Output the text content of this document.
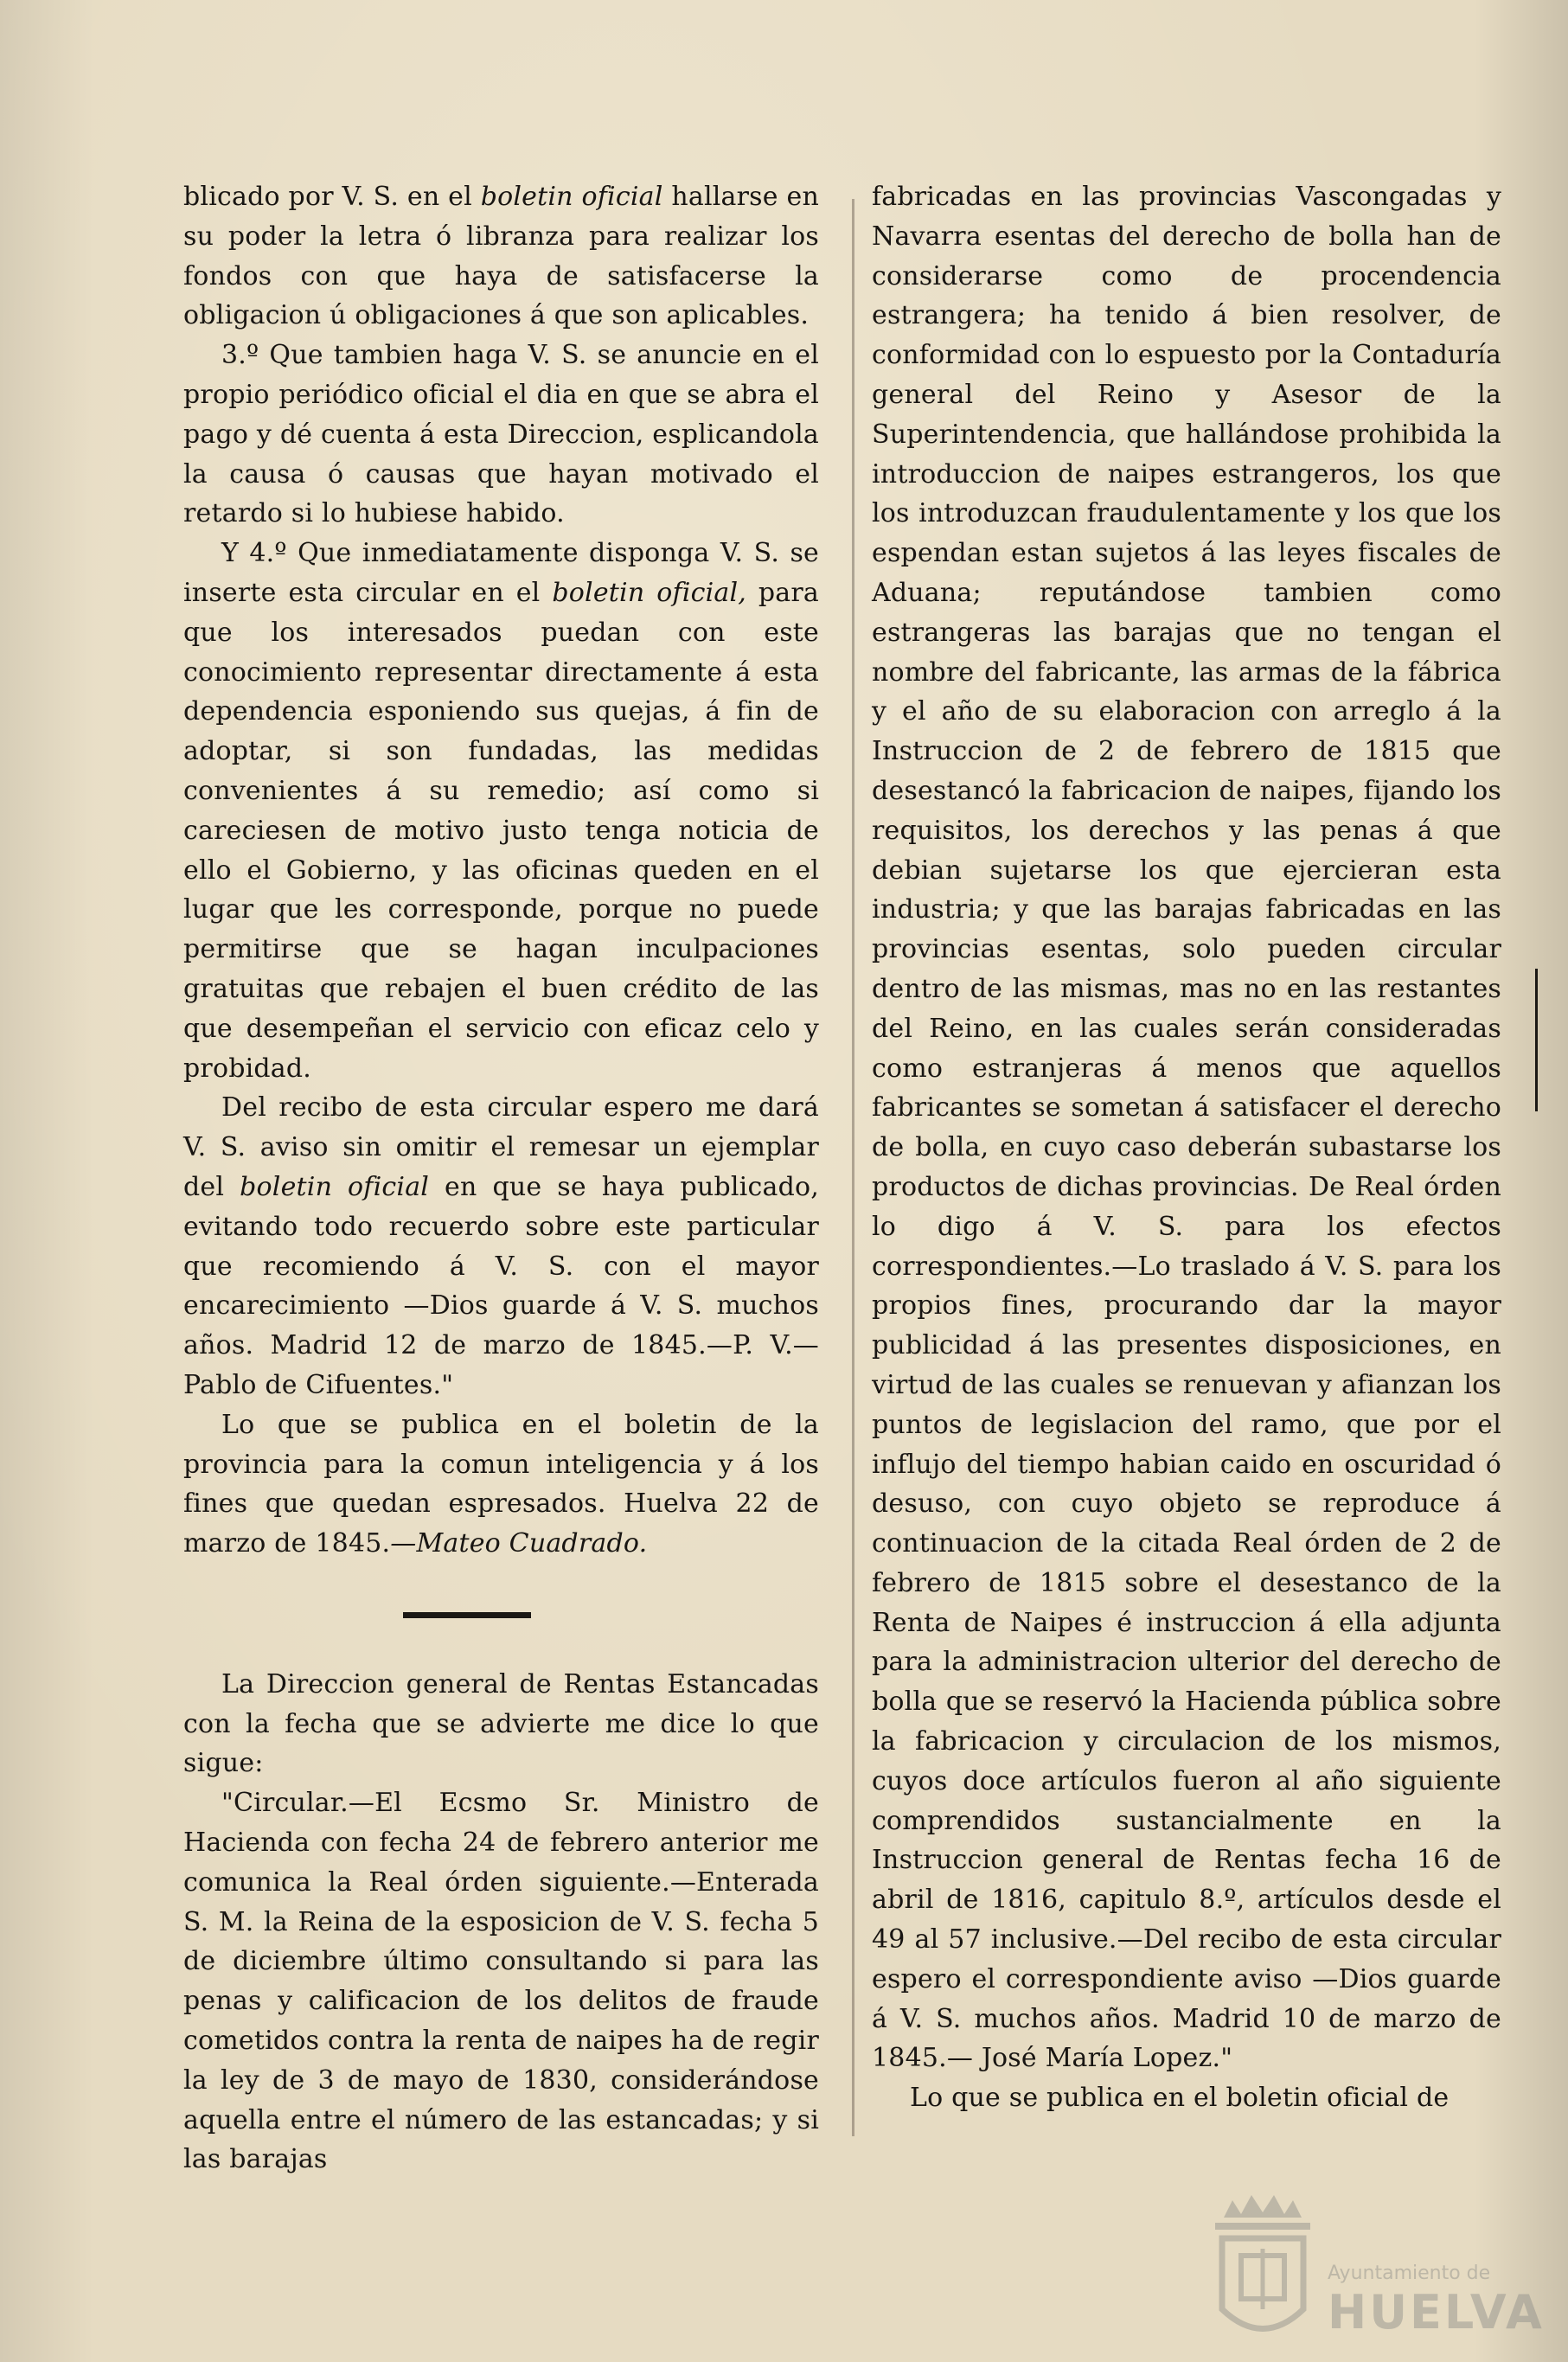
blicado por V. S. en el boletin oficial hallarse en su poder la letra ó libranza para realizar los fondos con que haya de satisfacerse la obligacion ú obligaciones á que son aplicables.

3.º Que tambien haga V. S. se anuncie en el propio periódico oficial el dia en que se abra el pago y dé cuenta á esta Direccion, esplicandola la causa ó causas que hayan motivado el retardo si lo hubiese habido.

Y 4.º Que inmediatamente disponga V. S. se inserte esta circular en el boletin oficial, para que los interesados puedan con este conocimiento representar directamente á esta dependencia esponiendo sus quejas, á fin de adoptar, si son fundadas, las medidas convenientes á su remedio; así como si careciesen de motivo justo tenga noticia de ello el Gobierno, y las oficinas queden en el lugar que les corresponde, porque no puede permitirse que se hagan inculpaciones gratuitas que rebajen el buen crédito de las que desempeñan el servicio con eficaz celo y probidad.

Del recibo de esta circular espero me dará V. S. aviso sin omitir el remesar un ejemplar del boletin oficial en que se haya publicado, evitando todo recuerdo sobre este particular que recomiendo á V. S. con el mayor encarecimiento —Dios guarde á V. S. muchos años. Madrid 12 de marzo de 1845.—P. V.— Pablo de Cifuentes."

Lo que se publica en el boletin de la provincia para la comun inteligencia y á los fines que quedan espresados. Huelva 22 de marzo de 1845.—Mateo Cuadrado.

La Direccion general de Rentas Estancadas con la fecha que se advierte me dice lo que sigue:

"Circular.—El Ecsmo Sr. Ministro de Hacienda con fecha 24 de febrero anterior me comunica la Real órden siguiente.—Enterada S. M. la Reina de la esposicion de V. S. fecha 5 de diciembre último consultando si para las penas y calificacion de los delitos de fraude cometidos contra la renta de naipes ha de regir la ley de 3 de mayo de 1830, considerándose aquella entre el número de las estancadas; y si las barajas

fabricadas en las provincias Vascongadas y Navarra esentas del derecho de bolla han de considerarse como de procendencia estrangera; ha tenido á bien resolver, de conformidad con lo espuesto por la Contaduría general del Reino y Asesor de la Superintendencia, que hallándose prohibida la introduccion de naipes estrangeros, los que los introduzcan fraudulentamente y los que los espendan estan sujetos á las leyes fiscales de Aduana; reputándose tambien como estrangeras las barajas que no tengan el nombre del fabricante, las armas de la fábrica y el año de su elaboracion con arreglo á la Instruccion de 2 de febrero de 1815 que desestancó la fabricacion de naipes, fijando los requisitos, los derechos y las penas á que debian sujetarse los que ejercieran esta industria; y que las barajas fabricadas en las provincias esentas, solo pueden circular dentro de las mismas, mas no en las restantes del Reino, en las cuales serán consideradas como estranjeras á menos que aquellos fabricantes se sometan á satisfacer el derecho de bolla, en cuyo caso deberán subastarse los productos de dichas provincias. De Real órden lo digo á V. S. para los efectos correspondientes.—Lo traslado á V. S. para los propios fines, procurando dar la mayor publicidad á las presentes disposiciones, en virtud de las cuales se renuevan y afianzan los puntos de legislacion del ramo, que por el influjo del tiempo habian caido en oscuridad ó desuso, con cuyo objeto se reproduce á continuacion de la citada Real órden de 2 de febrero de 1815 sobre el desestanco de la Renta de Naipes é instruccion á ella adjunta para la administracion ulterior del derecho de bolla que se reservó la Hacienda pública sobre la fabricacion y circulacion de los mismos, cuyos doce artículos fueron al año siguiente comprendidos sustancialmente en la Instruccion general de Rentas fecha 16 de abril de 1816, capitulo 8.º, artículos desde el 49 al 57 inclusive.—Del recibo de esta circular espero el correspondiente aviso —Dios guarde á V. S. muchos años. Madrid 10 de marzo de 1845.— José María Lopez."

Lo que se publica en el boletin oficial de

Ayuntamiento de
HUELVA
